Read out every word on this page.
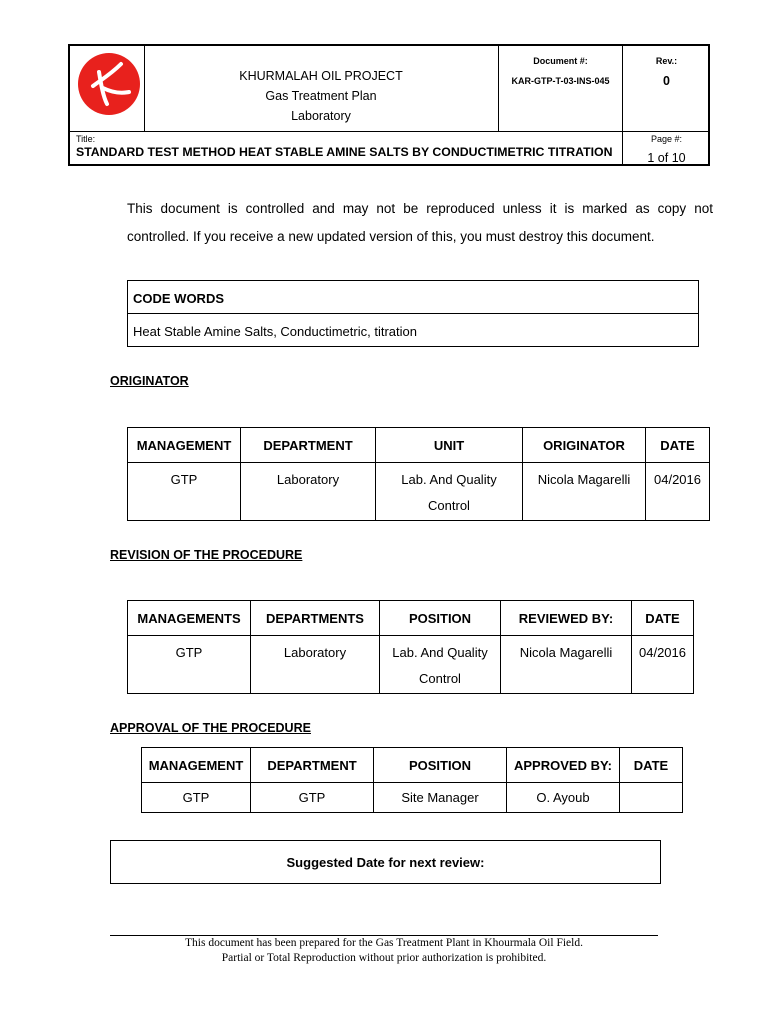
KHURMALAH OIL PROJECT
Gas Treatment Plan
Laboratory
Document #:
KAR-GTP-T-03-INS-045
Rev.:
0
Title:
STANDARD TEST METHOD HEAT STABLE AMINE SALTS BY CONDUCTIMETRIC TITRATION
Page #:
1 of 10
This document is controlled and may not be reproduced unless it is marked as copy not controlled. If you receive a new updated version of this, you must destroy this document.
CODE WORDS
Heat Stable Amine Salts, Conductimetric, titration
ORIGINATOR
MANAGEMENT	DEPARTMENT	UNIT	ORIGINATOR	DATE
GTP	Laboratory	Lab. And Quality Control	Nicola Magarelli	04/2016
REVISION OF THE PROCEDURE
MANAGEMENTS	DEPARTMENTS	POSITION	REVIEWED BY:	DATE
GTP	Laboratory	Lab. And Quality Control	Nicola Magarelli	04/2016
APPROVAL OF THE PROCEDURE
MANAGEMENT	DEPARTMENT	POSITION	APPROVED BY:	DATE
GTP	GTP	Site Manager	O. Ayoub	
Suggested Date for next review:
This document has been prepared for the Gas Treatment Plant in Khourmala Oil Field.
Partial or Total Reproduction without prior authorization is prohibited.
